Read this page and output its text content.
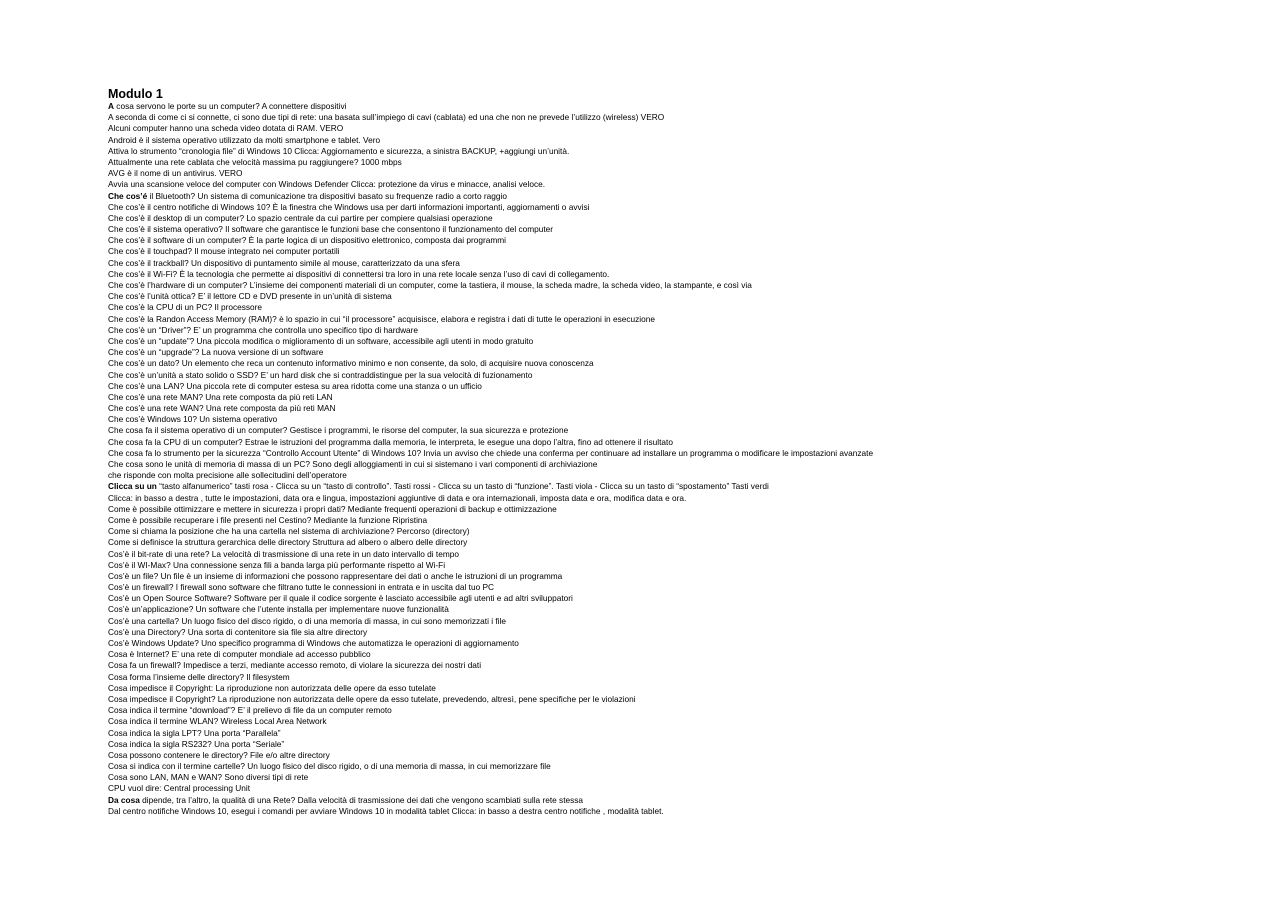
Modulo 1
A cosa servono le porte su un computer? A connettere dispositivi
A seconda di come ci si connette, ci sono due tipi di rete: una basata sull’impiego di cavi (cablata) ed una che non ne prevede l’utilizzo (wireless) VERO
Alcuni computer hanno una scheda video dotata di RAM. VERO
Android è il sistema operativo utilizzato da molti smartphone e tablet. Vero
Attiva lo strumento “cronologia file” di Windows 10 Clicca: Aggiornamento e sicurezza, a sinistra BACKUP, +aggiungi un’unità.
Attualmente una rete cablata che velocità massima pu raggiungere? 1000 mbps
AVG è il nome di un antivirus. VERO
Avvia una scansione veloce del computer con Windows Defender Clicca: protezione da virus e minacce, analisi veloce.
Che cos’é il Bluetooth? Un sistema di comunicazione tra dispositivi basato su frequenze radio a corto raggio
Che cos’è il centro notifiche di Windows 10? È la finestra che Windows usa per darti informazioni importanti, aggiornamenti o avvisi
Che cos’è il desktop di un computer? Lo spazio centrale da cui partire per compiere qualsiasi operazione
Che cos’è il sistema operativo? Il software che garantisce le funzioni base che consentono il funzionamento del computer
Che cos’è il software di un computer? È la parte logica di un dispositivo elettronico, composta dai programmi
Che cos’è il touchpad? Il mouse integrato nei computer portatili
Che cos’è il trackball? Un dispositivo di puntamento simile al mouse, caratterizzato da una sfera
Che cos’è il Wi-Fi? È la tecnologia che permette ai dispositivi di connettersi tra loro in una rete locale senza l’uso di cavi di collegamento.
Che cos’è l’hardware di un computer? L’insieme dei componenti materiali di un computer, come la tastiera, il mouse, la scheda madre, la scheda video, la stampante, e così via
Che cos’è l’unità ottica? E’ il lettore CD e DVD presente in un’unità di sistema
Che cos’è la CPU di un PC? Il processore
Che cos’è la Randon Access Memory (RAM)? è lo spazio in cui “il processore” acquisisce, elabora e registra i dati di tutte le operazioni in esecuzione
Che cos’è un “Driver”? E’ un programma che controlla uno specifico tipo di hardware
Che cos’è un “update”? Una piccola modifica o miglioramento di un software, accessibile agli utenti in modo gratuito
Che cos’è un “upgrade”? La nuova versione di un software
Che cos’è un dato? Un elemento che reca un contenuto informativo minimo e non consente, da solo, di acquisire nuova conoscenza
Che cos’è un’unità a stato solido o SSD? E’ un hard disk che si contraddistingue per la sua velocità di fuzionamento
Che cos’è una LAN? Una piccola rete di computer estesa su area ridotta come una stanza o un ufficio
Che cos’è una rete MAN? Una rete composta da più reti LAN
Che cos’è una rete WAN? Una rete composta da più reti MAN
Che cos’è Windows 10? Un sistema operativo
Che cosa fa il sistema operativo di un computer? Gestisce i programmi, le risorse del computer, la sua sicurezza e protezione
Che cosa fa la CPU di un computer? Estrae le istruzioni del programma dalla memoria, le interpreta, le esegue una dopo l’altra, fino ad ottenere il risultato
Che cosa fa lo strumento per la sicurezza “Controllo Account Utente” di Windows 10? Invia un avviso che chiede una conferma per continuare ad installare un programma o modificare le impostazioni avanzate
Che cosa sono le unità di memoria di massa di un PC? Sono degli alloggiamenti in cui si sistemano i vari componenti di archiviazione
che risponde con molta precisione alle sollecitudini dell’operatore
Clicca su un “tasto alfanumerico” tasti rosa - Clicca su un “tasto di controllo”. Tasti rossi - Clicca su un tasto di “funzione”. Tasti viola - Clicca su un tasto di “spostamento” Tasti verdi
Clicca: in basso a destra , tutte le impostazioni, data ora e lingua, impostazioni aggiuntive di data e ora internazionali, imposta data e ora, modifica data e ora.
Come è possibile ottimizzare e mettere in sicurezza i propri dati? Mediante frequenti operazioni di backup e ottimizzazione
Come è possibile recuperare i file presenti nel Cestino? Mediante la funzione Ripristina
Come si chiama la posizione che ha una cartella nel sistema di archiviazione? Percorso (directory)
Come si definisce la struttura gerarchica delle directory Struttura ad albero o albero delle directory
Cos’è il bit-rate di una rete? La velocità di trasmissione di una rete in un dato intervallo di tempo
Cos’è il WI-Max? Una connessione senza fili a banda larga più performante rispetto al Wi-Fi
Cos’è un file? Un file è un insieme di informazioni che possono rappresentare dei dati o anche le istruzioni di un programma
Cos’è un firewall? I firewall sono software che filtrano tutte le connessioni in entrata e in uscita dal tuo PC
Cos’è un Open Source Software? Software per il quale il codice sorgente è lasciato accessibile agli utenti e ad altri sviluppatori
Cos’è un’applicazione? Un software che l’utente installa per implementare nuove funzionalità
Cos’è una cartella? Un luogo fisico del disco rigido, o di una memoria di massa, in cui sono memorizzati i file
Cos’è una Directory? Una sorta di contenitore sia file sia altre directory
Cos’è Windows Update? Uno specifico programma di Windows che automatizza le operazioni di aggiornamento
Cosa è Internet? E’ una rete di computer mondiale ad accesso pubblico
Cosa fa un firewall? Impedisce a terzi, mediante accesso remoto, di violare la sicurezza dei nostri dati
Cosa forma l’insieme delle directory? Il filesystem
Cosa impedisce il Copyright: La riproduzione non autorizzata delle opere da esso tutelate
Cosa impedisce il Copyright? La riproduzione non autorizzata delle opere da esso tutelate, prevedendo, altresì, pene specifiche per le violazioni
Cosa indica il termine “download”? E’ il prelievo di file da un computer remoto
Cosa indica il termine WLAN? Wireless Local Area Network
Cosa indica la sigla LPT? Una porta “Parallela”
Cosa indica la sigla RS232? Una porta “Seriale”
Cosa possono contenere le directory? File e/o altre directory
Cosa si indica con il termine cartelle? Un luogo fisico del disco rigido, o di una memoria di massa, in cui memorizzare file
Cosa sono LAN, MAN e WAN? Sono diversi tipi di rete
CPU vuol dire: Central processing Unit
Da cosa dipende, tra l’altro, la qualità di una Rete? Dalla velocità di trasmissione dei dati che vengono scambiati sulla rete stessa
Dal centro notifiche Windows 10, esegui i comandi per avviare Windows 10 in modalità tablet Clicca: in basso a destra centro notifiche , modalità tablet.
